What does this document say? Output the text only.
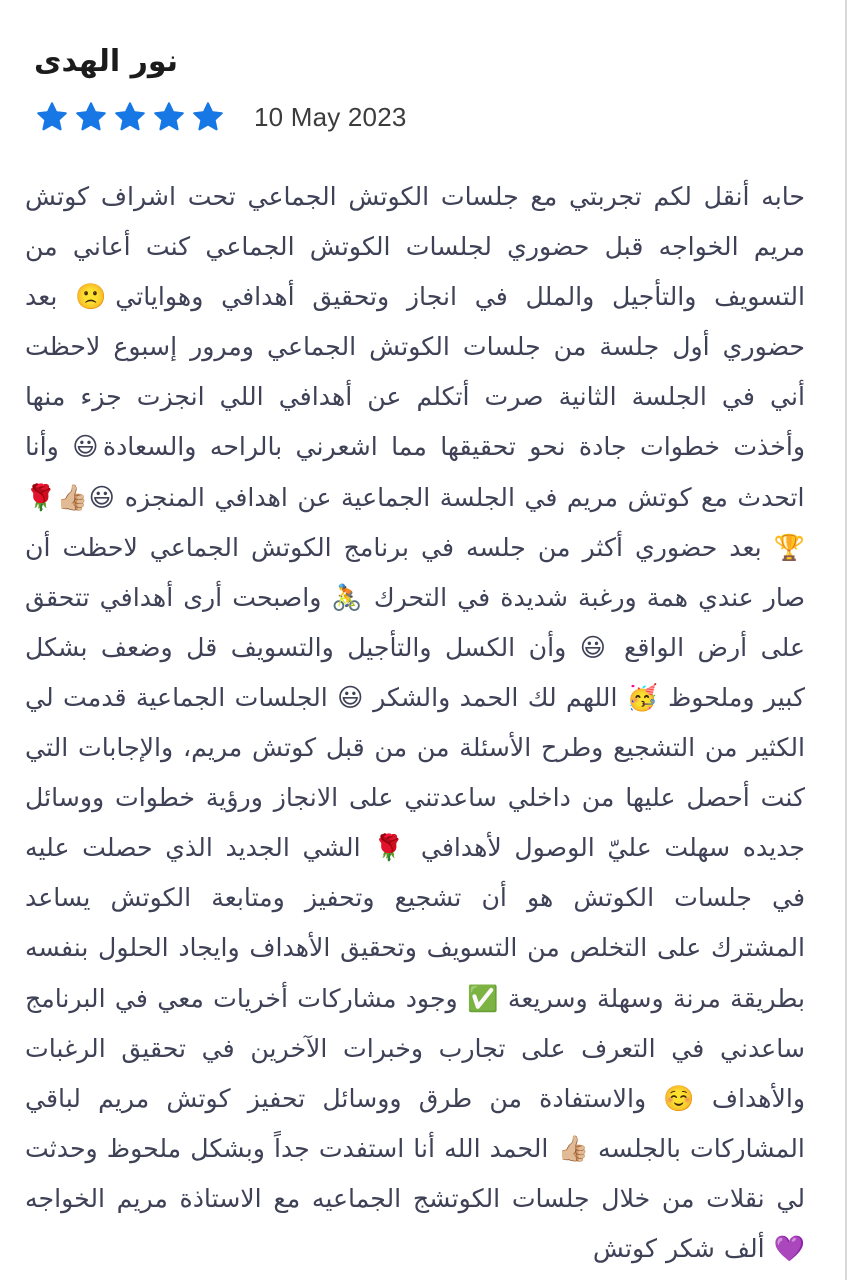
نور الهدى
10 May 2023

حابه أنقل لكم تجربتي مع جلسات الكوتش الجماعي تحت اشراف كوتش مريم الخواجه قبل حضوري لجلسات الكوتش الجماعي كنت أعاني من التسويف والتأجيل والملل في انجاز وتحقيق أهدافي وهواياتي🙁 بعد حضوري أول جلسة من جلسات الكوتش الجماعي ومرور إسبوع لاحظت أني في الجلسة الثانية صرت أتكلم عن أهدافي اللي انجزت جزء منها وأخذت خطوات جادة نحو تحقيقها مما اشعرني بالراحه والسعادة😃 وأنا اتحدث مع كوتش مريم في الجلسة الجماعية عن اهدافي المنجزه 😃👍🏼🌹🏆 بعد حضوري أكثر من جلسه في برنامج الكوتش الجماعي لاحظت أن صار عندي همة ورغبة شديدة في التحرك 🚴 واصبحت أرى أهدافي تتحقق على أرض الواقع 😃 وأن الكسل والتأجيل والتسويف قل وضعف بشكل كبير وملحوظ 🥳 اللهم لك الحمد والشكر 😃 الجلسات الجماعية قدمت لي الكثير من التشجيع وطرح الأسئلة من من قبل كوتش مريم، والإجابات التي كنت أحصل عليها من داخلي ساعدتني على الانجاز ورؤية خطوات ووسائل جديده سهلت عليّ الوصول لأهدافي 🌹 الشي الجديد الذي حصلت عليه في جلسات الكوتش هو أن تشجيع وتحفيز ومتابعة الكوتش يساعد المشترك على التخلص من التسويف وتحقيق الأهداف وايجاد الحلول بنفسه بطريقة مرنة وسهلة وسريعة ✅ وجود مشاركات أخريات معي في البرنامج ساعدني في التعرف على تجارب وخبرات الآخرين في تحقيق الرغبات والأهداف ☺️ والاستفادة من طرق ووسائل تحفيز كوتش مريم لباقي المشاركات بالجلسه 👍🏼 الحمد الله أنا استفدت جداً وبشكل ملحوظ وحدثت لي نقلات من خلال جلسات الكوتشج الجماعيه مع الاستاذة مريم الخواجه 💜 ألف شكر كوتش
